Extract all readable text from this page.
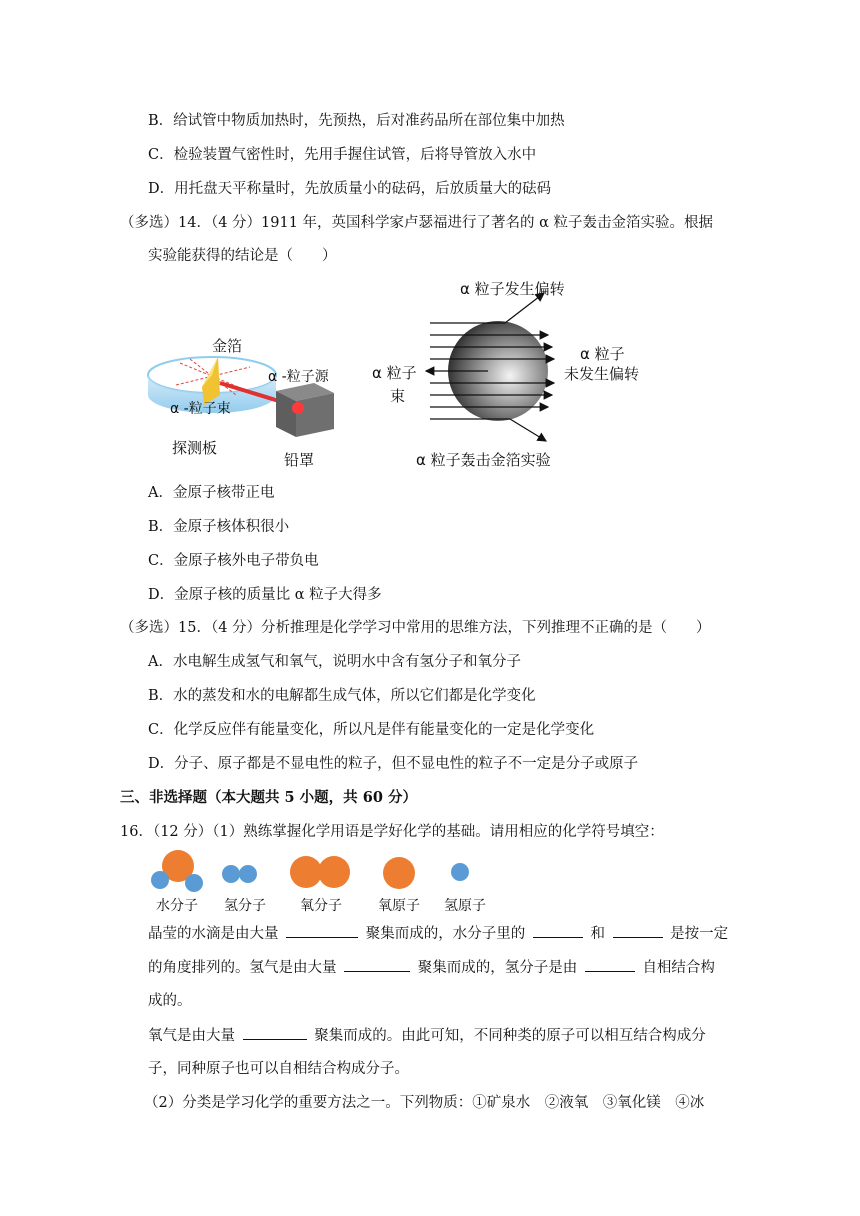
B．给试管中物质加热时，先预热，后对准药品所在部位集中加热
C．检验装置气密性时，先用手握住试管，后将导管放入水中
D．用托盘天平称量时，先放质量小的砝码，后放质量大的砝码
（多选）14．（4 分）1911 年，英国科学家卢瑟福进行了著名的 α 粒子轰击金箔实验。根据
实验能获得的结论是（　　）
金箔
α -粒子源
α -粒子束
探测板
铅罩
α 粒子发生偏转
α 粒子
束
α 粒子
未发生偏转
α 粒子轰击金箔实验
A．金原子核带正电
B．金原子核体积很小
C．金原子核外电子带负电
D．金原子核的质量比 α 粒子大得多
（多选）15．（4 分）分析推理是化学学习中常用的思维方法，下列推理不正确的是（　　）
A．水电解生成氢气和氧气，说明水中含有氢分子和氧分子
B．水的蒸发和水的电解都生成气体，所以它们都是化学变化
C．化学反应伴有能量变化，所以凡是伴有能量变化的一定是化学变化
D．分子、原子都是不显电性的粒子，但不显电性的粒子不一定是分子或原子
三、非选择题（本大题共 5 小题，共 60 分）
16．（12 分）（1）熟练掌握化学用语是学好化学的基础。请用相应的化学符号填空：
水分子 氢分子 氧分子	氧原子 氢原子
晶莹的水滴是由大量	聚集而成的，水分子里的	和	是按一定
的角度排列的。氢气是由大量	聚集而成的，氢分子是由	自相结合构
成的。
氧气是由大量	聚集而成的。由此可知，不同种类的原子可以相互结合构成分
子，同种原子也可以自相结合构成分子。
（2）分类是学习化学的重要方法之一。下列物质：①矿泉水　②液氧　③氧化镁　④冰
